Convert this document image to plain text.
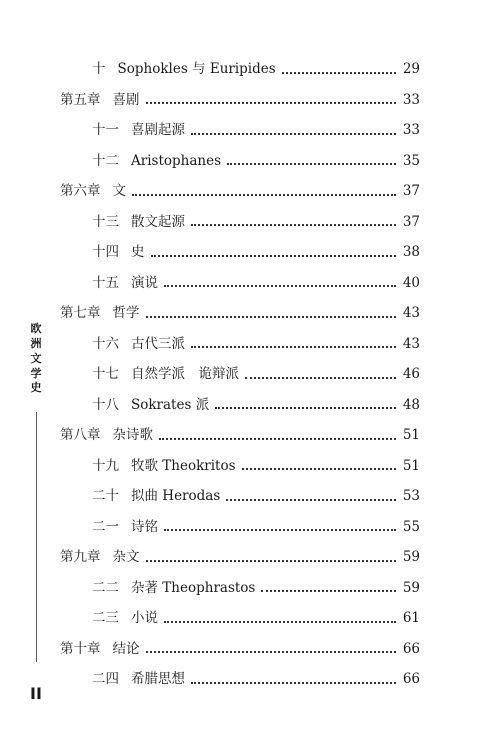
十 Sophokles 与 Euripides	29
第五章 喜剧	33
十一 喜剧起源	33
十二 Aristophanes	35
第六章 文	37
十三 散文起源	37
十四 史	38
十五 演说	40
第七章 哲学	43
十六 古代三派	43
十七 自然学派　诡辩派	46
十八 Sokrates 派	48
第八章 杂诗歌	51
十九 牧歌 Theokritos	51
二十 拟曲 Herodas	53
二一 诗铭	55
第九章 杂文	59
二二 杂著 Theophrastos	59
二三 小说	61
第十章 结论	66
二四 希腊思想	66
欧
洲
文
学
史
II
